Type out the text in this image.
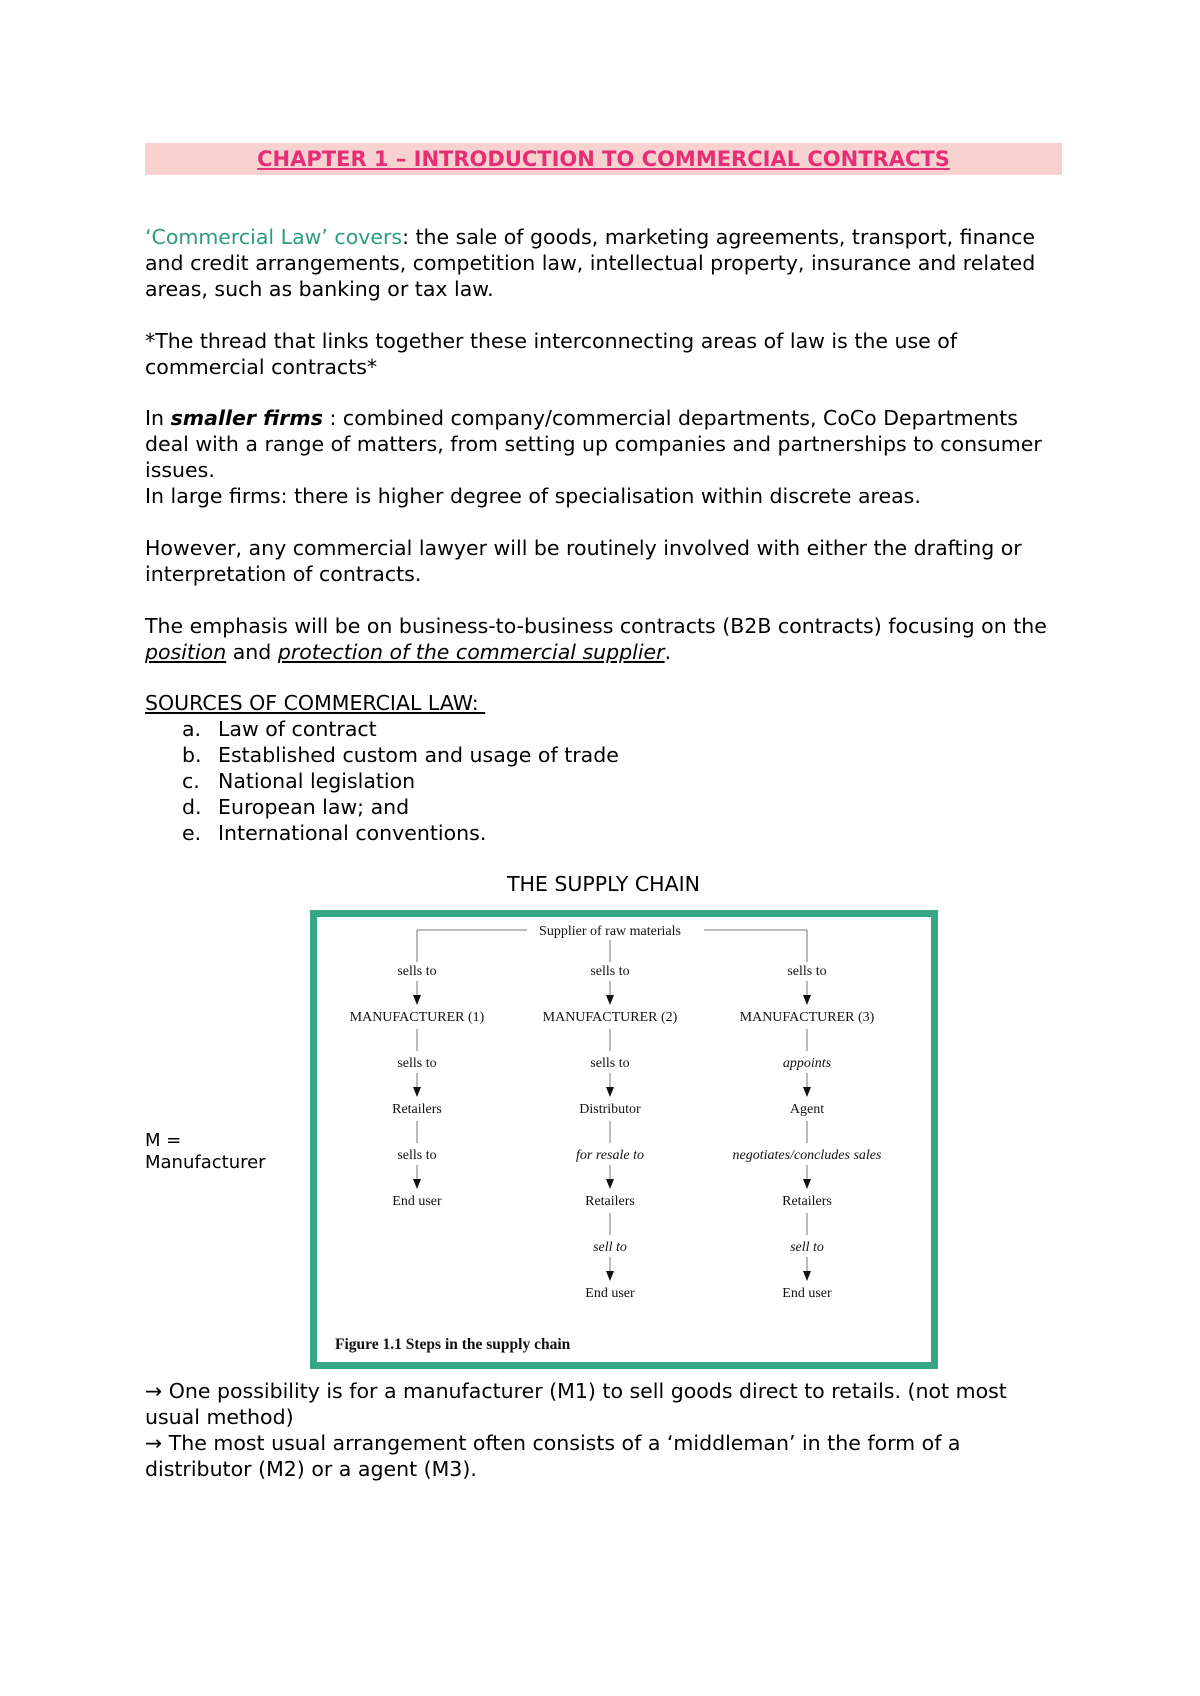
CHAPTER 1 – INTRODUCTION TO COMMERCIAL CONTRACTS
‘Commercial Law’ covers: the sale of goods, marketing agreements, transport, finance and credit arrangements, competition law, intellectual property, insurance and related areas, such as banking or tax law.
*The thread that links together these interconnecting areas of law is the use of commercial contracts*
In smaller firms : combined company/commercial departments, CoCo Departments deal with a range of matters, from setting up companies and partnerships to consumer issues.
In large firms: there is higher degree of specialisation within discrete areas.
However, any commercial lawyer will be routinely involved with either the drafting or interpretation of contracts.
The emphasis will be on business-to-business contracts (B2B contracts) focusing on the position and protection of the commercial supplier.
SOURCES OF COMMERCIAL LAW:
a. Law of contract
b. Established custom and usage of trade
c. National legislation
d. European law; and
e. International conventions.
THE SUPPLY CHAIN
M = Manufacturer
Supplier of raw materials
sells to
MANUFACTURER (1)
sells to
Retailers
sells to
End user
sells to
MANUFACTURER (2)
sells to
Distributor
for resale to
Retailers
sell to
End user
sells to
MANUFACTURER (3)
appoints
Agent
negotiates/concludes sales
Retailers
sell to
End user
Figure 1.1 Steps in the supply chain
→ One possibility is for a manufacturer (M1) to sell goods direct to retails. (not most usual method)
→ The most usual arrangement often consists of a ‘middleman’ in the form of a distributor (M2) or a agent (M3).
